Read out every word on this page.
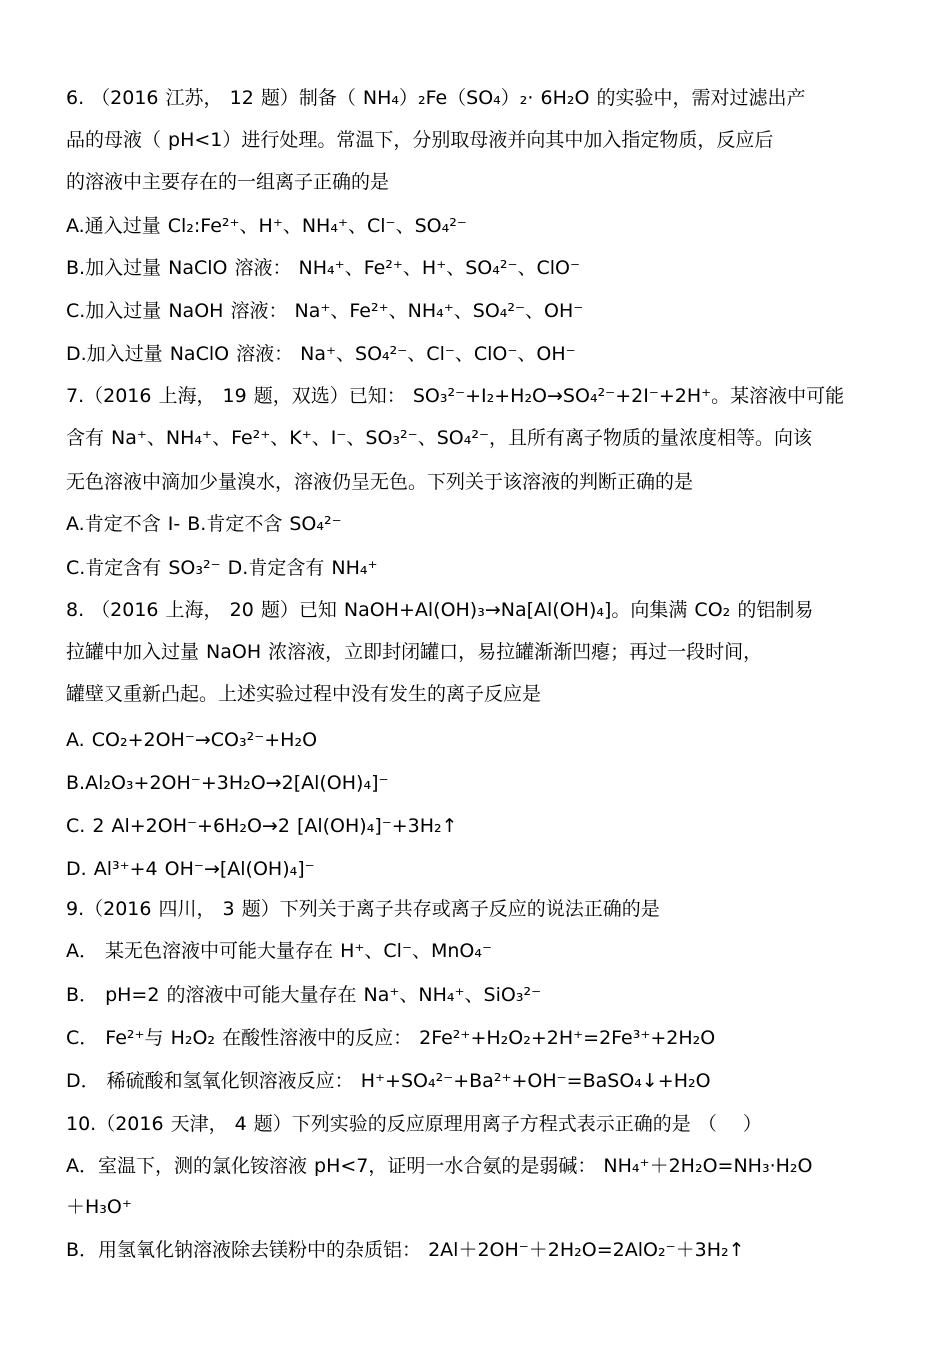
6. （2016 江苏， 12 题）制备（ NH₄）₂Fe（SO₄）₂· 6H₂O 的实验中，需对过滤出产
品的母液（ pH<1）进行处理。常温下，分别取母液并向其中加入指定物质，反应后
的溶液中主要存在的一组离子正确的是
A.通入过量 Cl₂:Fe²⁺、H⁺、NH₄⁺、Cl⁻、SO₄²⁻
B.加入过量 NaClO 溶液： NH₄⁺、Fe²⁺、H⁺、SO₄²⁻、ClO⁻
C.加入过量 NaOH 溶液： Na⁺、Fe²⁺、NH₄⁺、SO₄²⁻、OH⁻
D.加入过量 NaClO 溶液： Na⁺、SO₄²⁻、Cl⁻、ClO⁻、OH⁻
7.（2016 上海， 19 题，双选）已知： SO₃²⁻+I₂+H₂O→SO₄²⁻+2I⁻+2H⁺。某溶液中可能
含有 Na⁺、NH₄⁺、Fe²⁺、K⁺、I⁻、SO₃²⁻、SO₄²⁻，且所有离子物质的量浓度相等。向该
无色溶液中滴加少量溴水，溶液仍呈无色。下列关于该溶液的判断正确的是
A.肯定不含 I- B.肯定不含 SO₄²⁻
C.肯定含有 SO₃²⁻ D.肯定含有 NH₄⁺
8. （2016 上海， 20 题）已知 NaOH+Al(OH)₃→Na[Al(OH)₄]。向集满 CO₂ 的铝制易
拉罐中加入过量 NaOH 浓溶液，立即封闭罐口，易拉罐渐渐凹瘪；再过一段时间，
罐壁又重新凸起。上述实验过程中没有发生的离子反应是
A. CO₂+2OH⁻→CO₃²⁻+H₂O
B.Al₂O₃+2OH⁻+3H₂O→2[Al(OH)₄]⁻
C. 2 Al+2OH⁻+6H₂O→2 [Al(OH)₄]⁻+3H₂↑
D. Al³⁺+4 OH⁻→[Al(OH)₄]⁻
9.（2016 四川， 3 题）下列关于离子共存或离子反应的说法正确的是
A． 某无色溶液中可能大量存在 H⁺、Cl⁻、MnO₄⁻
B． pH=2 的溶液中可能大量存在 Na⁺、NH₄⁺、SiO₃²⁻
C． Fe²⁺与 H₂O₂ 在酸性溶液中的反应： 2Fe²⁺+H₂O₂+2H⁺=2Fe³⁺+2H₂O
D． 稀硫酸和氢氧化钡溶液反应： H⁺+SO₄²⁻+Ba²⁺+OH⁻=BaSO₄↓+H₂O
10.（2016 天津， 4 题）下列实验的反应原理用离子方程式表示正确的是 （　 ）
A．室温下，测的氯化铵溶液 pH<7，证明一水合氨的是弱碱： NH₄⁺＋2H₂O=NH₃·H₂O
＋H₃O⁺
B．用氢氧化钠溶液除去镁粉中的杂质铝： 2Al＋2OH⁻＋2H₂O=2AlO₂⁻＋3H₂↑
